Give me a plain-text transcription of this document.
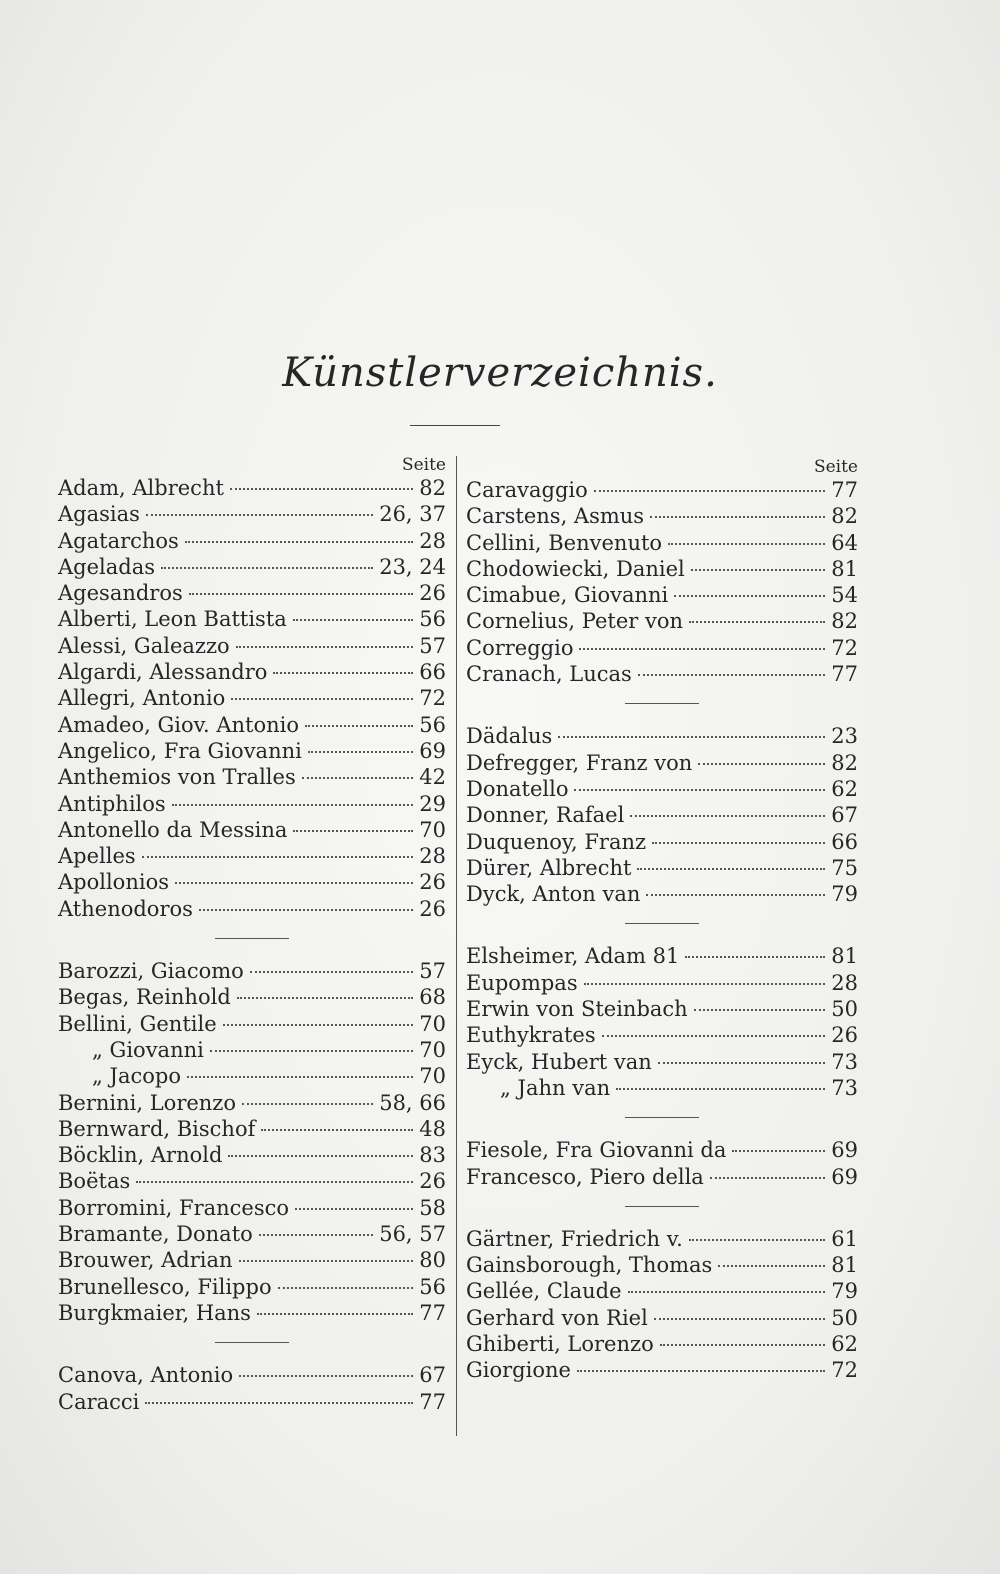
Künstlerverzeichnis.
Seite
Adam, Albrecht	82
Agasias	26, 37
Agatarchos	28
Ageladas	23, 24
Agesandros	26
Alberti, Leon Battista	56
Alessi, Galeazzo	57
Algardi, Alessandro	66
Allegri, Antonio	72
Amadeo, Giov. Antonio	56
Angelico, Fra Giovanni	69
Anthemios von Tralles	42
Antiphilos	29
Antonello da Messina	70
Apelles	28
Apollonios	26
Athenodoros	26
Barozzi, Giacomo	57
Begas, Reinhold	68
Bellini, Gentile	70
„ Giovanni	70
„ Jacopo	70
Bernini, Lorenzo	58, 66
Bernward, Bischof	48
Böcklin, Arnold	83
Boëtas	26
Borromini, Francesco	58
Bramante, Donato	56, 57
Brouwer, Adrian	80
Brunellesco, Filippo	56
Burgkmaier, Hans	77
Canova, Antonio	67
Caracci	77
Seite
Caravaggio	77
Carstens, Asmus	82
Cellini, Benvenuto	64
Chodowiecki, Daniel	81
Cimabue, Giovanni	54
Cornelius, Peter von	82
Correggio	72
Cranach, Lucas	77
Dädalus	23
Defregger, Franz von	82
Donatello	62
Donner, Rafael	67
Duquenoy, Franz	66
Dürer, Albrecht	75
Dyck, Anton van	79
Elsheimer, Adam 81	81
Eupompas	28
Erwin von Steinbach	50
Euthykrates	26
Eyck, Hubert van	73
„ Jahn van	73
Fiesole, Fra Giovanni da	69
Francesco, Piero della	69
Gärtner, Friedrich v.	61
Gainsborough, Thomas	81
Gellée, Claude	79
Gerhard von Riel	50
Ghiberti, Lorenzo	62
Giorgione	72
